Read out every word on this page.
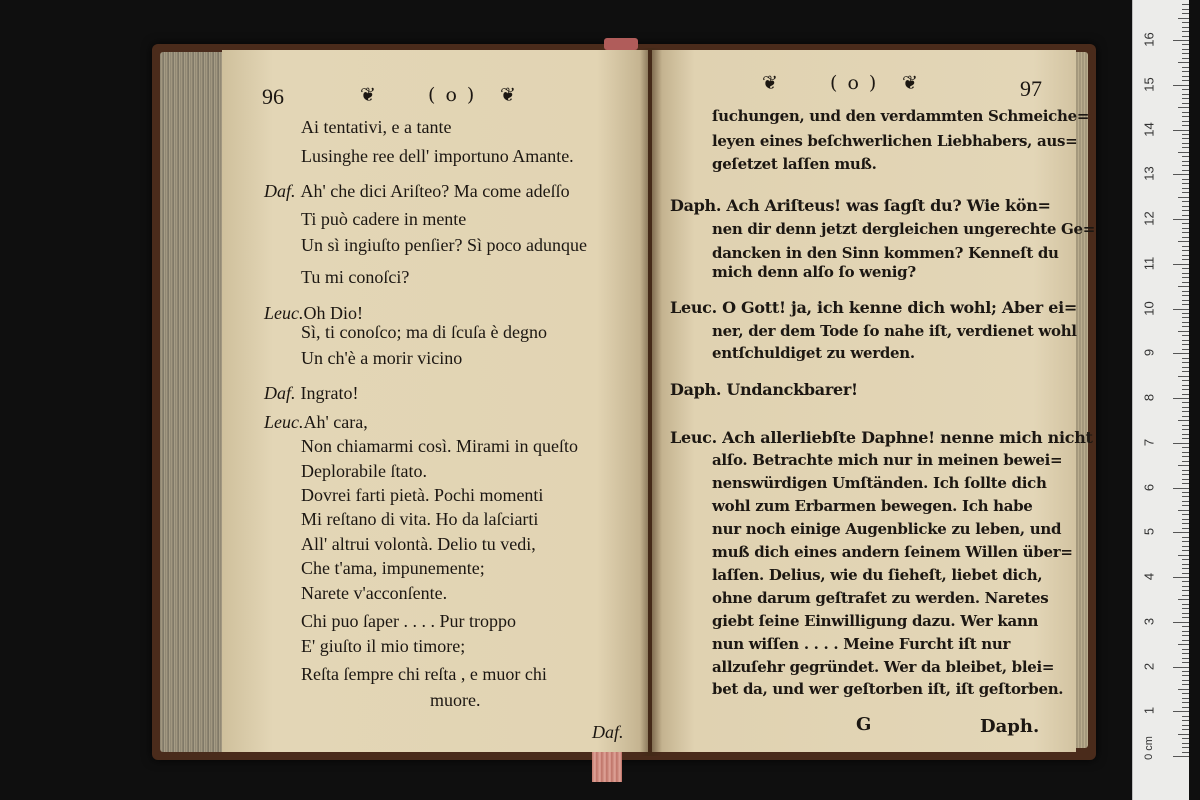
96	❦	( o ) ❦
Ai tentativi, e a tante
Lusinghe ree dell' importuno Amante.
Daf. Ah' che dici Ariſteo? Ma come adeſſo
Ti può cadere in mente
Un sì ingiuſto penſier? Sì poco adunque
Tu mi conoſci?
Leuc.Oh Dio!
Sì, ti conoſco; ma di ſcuſa è degno
Un ch'è a morir vicino
Daf. Ingrato!
Leuc.Ah' cara,
Non chiamarmi così. Mirami in queſto
Deplorabile ſtato.
Dovrei farti pietà. Pochi momenti
Mi reſtano di vita. Ho da laſciarti
All' altrui volontà. Delio tu vedi,
Che t'ama, impunemente;
Narete v'acconſente.
Chi puo ſaper . . . . Pur troppo
E' giuſto il mio timore;
Reſta ſempre chi reſta , e muor chi
muore.
Daf.
❦	( o ) ❦	97
ſuchungen, und den verdammten Schmeiche=
leyen eines beſchwerlichen Liebhabers, aus=
geſetzet laſſen muß.
Daph. Ach Ariſteus! was ſagſt du? Wie kön=
nen dir denn jetzt dergleichen ungerechte Ge=
dancken in den Sinn kommen? Kenneſt du
mich denn alſo ſo wenig?
Leuc. O Gott! ja, ich kenne dich wohl; Aber ei=
ner, der dem Tode ſo nahe iſt, verdienet wohl
entſchuldiget zu werden.
Daph. Undanckbarer!
Leuc. Ach allerliebſte Daphne! nenne mich nicht
alſo. Betrachte mich nur in meinen bewei=
nenswürdigen Umſtänden. Ich ſollte dich
wohl zum Erbarmen bewegen. Ich habe
nur noch einige Augenblicke zu leben, und
muß dich eines andern ſeinem Willen über=
laſſen. Delius, wie du ſieheſt, liebet dich,
ohne darum geſtrafet zu werden. Naretes
giebt ſeine Einwilligung dazu. Wer kann
nun wiſſen . . . . Meine Furcht iſt nur
allzuſehr gegründet. Wer da bleibet, blei=
bet da, und wer geſtorben iſt, iſt geſtorben.
G	Daph.
0 cm
16
15
14
13
12
11
10
9
8
7
6
5
4
3
2
1
